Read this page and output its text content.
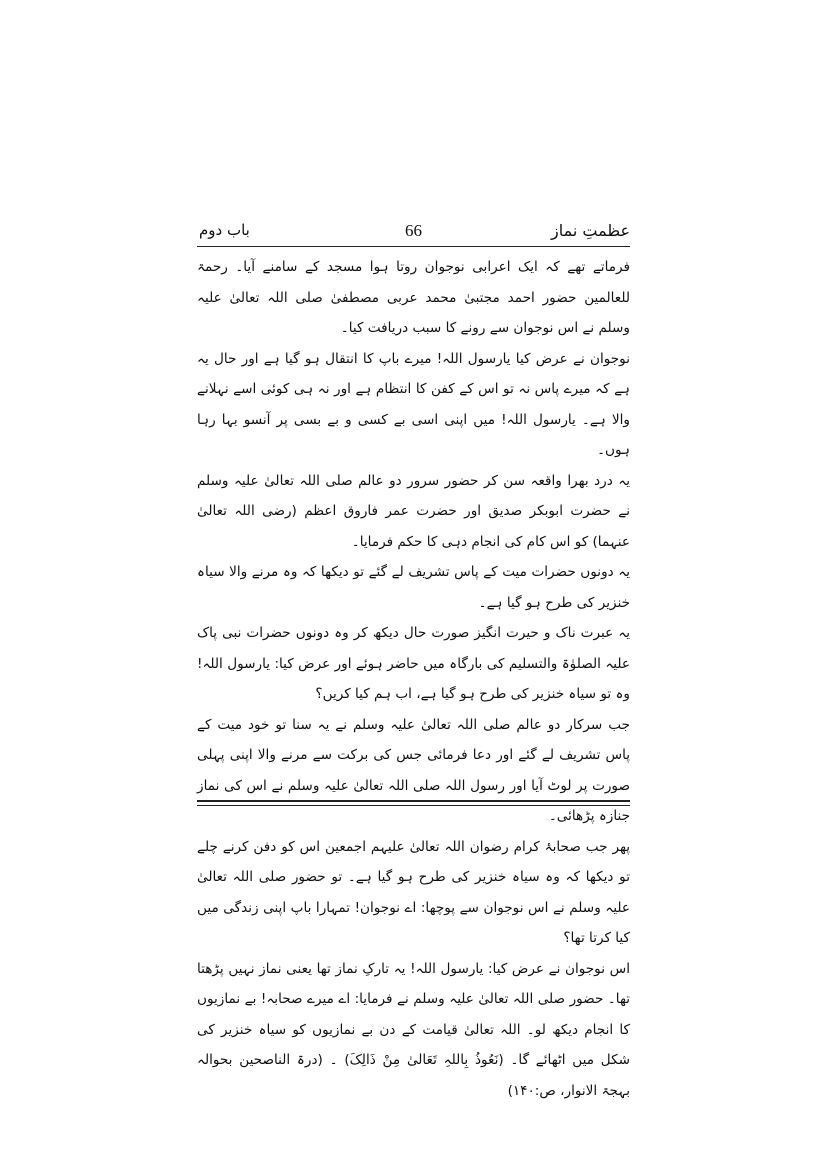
عظمتِ نماز
66
باب دوم

فرماتے تھے کہ ایک اعرابی نوجوان روتا ہوا مسجد کے سامنے آیا۔ رحمۃ للعالمین حضور احمد مجتبیٰ محمد عربی مصطفیٰ صلی اللہ تعالیٰ علیہ وسلم نے اس نوجوان سے رونے کا سبب دریافت کیا۔

نوجوان نے عرض کیا یارسول اللہ! میرے باپ کا انتقال ہو گیا ہے اور حال یہ ہے کہ میرے پاس نہ تو اس کے کفن کا انتظام ہے اور نہ ہی کوئی اسے نہلانے والا ہے۔ یارسول اللہ! میں اپنی اسی بے کسی و بے بسی پر آنسو بہا رہا ہوں۔

یہ درد بھرا واقعہ سن کر حضور سرور دو عالم صلی اللہ تعالیٰ علیہ وسلم نے حضرت ابوبکر صدیق اور حضرت عمر فاروق اعظم (رضی اللہ تعالیٰ عنہما) کو اس کام کی انجام دہی کا حکم فرمایا۔

یہ دونوں حضرات میت کے پاس تشریف لے گئے تو دیکھا کہ وہ مرنے والا سیاہ خنزیر کی طرح ہو گیا ہے۔

یہ عبرت ناک و حیرت انگیز صورت حال دیکھ کر وہ دونوں حضرات نبی پاک علیہ الصلوٰۃ والتسلیم کی بارگاہ میں حاضر ہوئے اور عرض کیا: یارسول اللہ! وہ تو سیاہ خنزیر کی طرح ہو گیا ہے، اب ہم کیا کریں؟

جب سرکار دو عالم صلی اللہ تعالیٰ علیہ وسلم نے یہ سنا تو خود میت کے پاس تشریف لے گئے اور دعا فرمائی جس کی برکت سے مرنے والا اپنی پہلی صورت پر لوٹ آیا اور رسول اللہ صلی اللہ تعالیٰ علیہ وسلم نے اس کی نماز جنازہ پڑھائی۔

پھر جب صحابۂ کرام رضوان اللہ تعالیٰ علیہم اجمعین اس کو دفن کرنے چلے تو دیکھا کہ وہ سیاہ خنزیر کی طرح ہو گیا ہے۔ تو حضور صلی اللہ تعالیٰ علیہ وسلم نے اس نوجوان سے پوچھا: اے نوجوان! تمہارا باپ اپنی زندگی میں کیا کرتا تھا؟

اس نوجوان نے عرض کیا: یارسول اللہ! یہ تارکِ نماز تھا یعنی نماز نہیں پڑھتا تھا۔ حضور صلی اللہ تعالیٰ علیہ وسلم نے فرمایا: اے میرے صحابہ! بے نمازیوں کا انجام دیکھ لو۔ اللہ تعالیٰ قیامت کے دن بے نمازیوں کو سیاہ خنزیر کی شکل میں اٹھائے گا۔ (نَعُوذُ بِاللہِ تَعَالیٰ مِنْ ذَالِکَ) ۔ (درۃ الناصحین بحوالہ بہجۃ الانوار، ص:۱۴۰)
